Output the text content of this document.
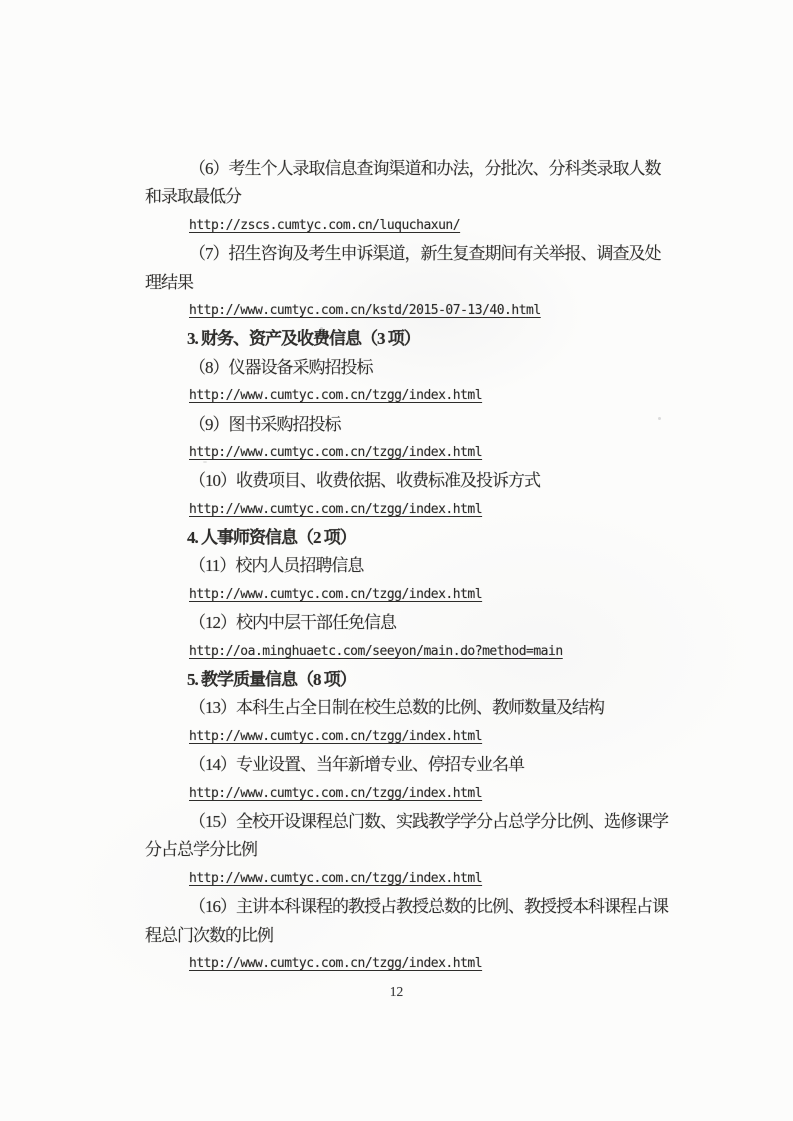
（6）考生个人录取信息查询渠道和办法，分批次、分科类录取人数
和录取最低分
http://zscs.cumtyc.com.cn/luquchaxun/
（7）招生咨询及考生申诉渠道，新生复查期间有关举报、调查及处
理结果
http://www.cumtyc.com.cn/kstd/2015-07-13/40.html
3. 财务、资产及收费信息（3 项）
（8）仪器设备采购招投标
http://www.cumtyc.com.cn/tzgg/index.html
（9）图书采购招投标
http://www.cumtyc.com.cn/tzgg/index.html
（10）收费项目、收费依据、收费标准及投诉方式
http://www.cumtyc.com.cn/tzgg/index.html
4. 人事师资信息（2 项）
（11）校内人员招聘信息
http://www.cumtyc.com.cn/tzgg/index.html
（12）校内中层干部任免信息
http://oa.minghuaetc.com/seeyon/main.do?method=main
5. 教学质量信息（8 项）
（13）本科生占全日制在校生总数的比例、教师数量及结构
http://www.cumtyc.com.cn/tzgg/index.html
（14）专业设置、当年新增专业、停招专业名单
http://www.cumtyc.com.cn/tzgg/index.html
（15）全校开设课程总门数、实践教学学分占总学分比例、选修课学
分占总学分比例
http://www.cumtyc.com.cn/tzgg/index.html
（16）主讲本科课程的教授占教授总数的比例、教授授本科课程占课
程总门次数的比例
http://www.cumtyc.com.cn/tzgg/index.html
12
